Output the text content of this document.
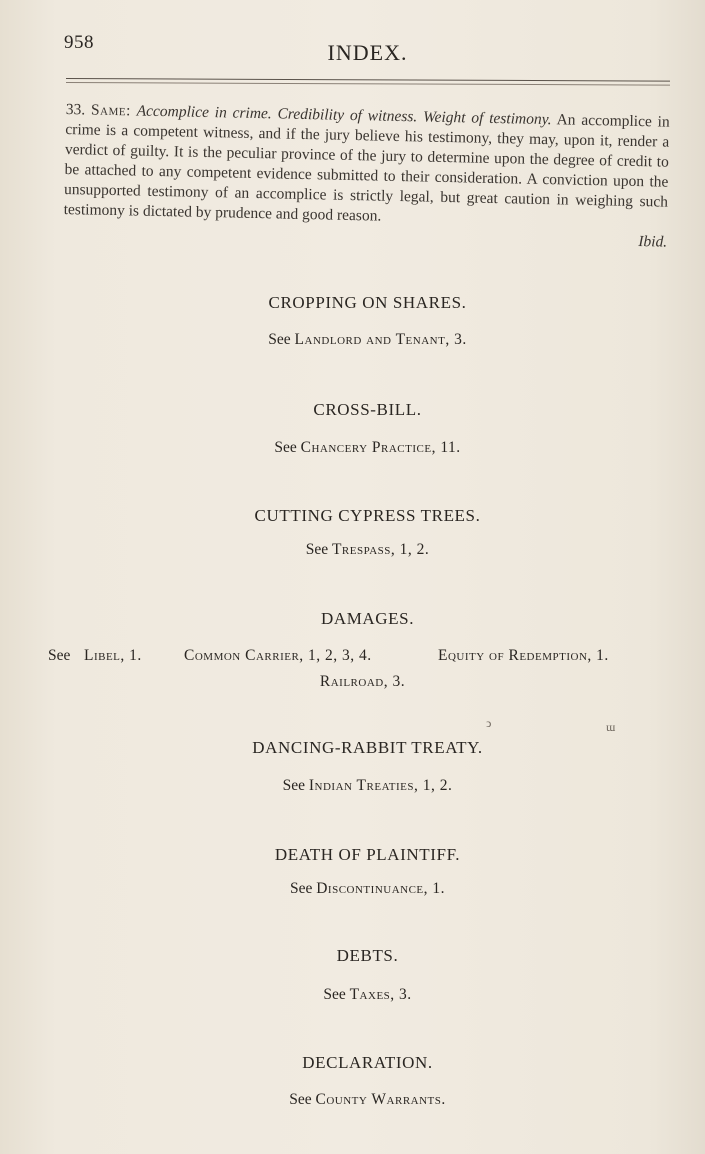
958	INDEX.
33. Same: Accomplice in crime. Credibility of witness. Weight of testimony. An accomplice in crime is a competent witness, and if the jury believe his testimony, they may, upon it, render a verdict of guilty. It is the peculiar province of the jury to determine upon the degree of credit to be attached to any competent evidence submitted to their consideration. A conviction upon the unsupported testimony of an accomplice is strictly legal, but great caution in weighing such testimony is dictated by prudence and good reason.
Ibid.
CROPPING ON SHARES.
See Landlord and Tenant, 3.
CROSS-BILL.
See Chancery Practice, 11.
CUTTING CYPRESS TREES.
See Trespass, 1, 2.
DAMAGES.
See Libel, 1.	Common Carrier, 1, 2, 3, 4.	Equity of Redemption, 1.
Railroad, 3.
ↄ	ɯ
DANCING-RABBIT TREATY.
See Indian Treaties, 1, 2.
DEATH OF PLAINTIFF.
See Discontinuance, 1.
DEBTS.
See Taxes, 3.
DECLARATION.
See County Warrants.
